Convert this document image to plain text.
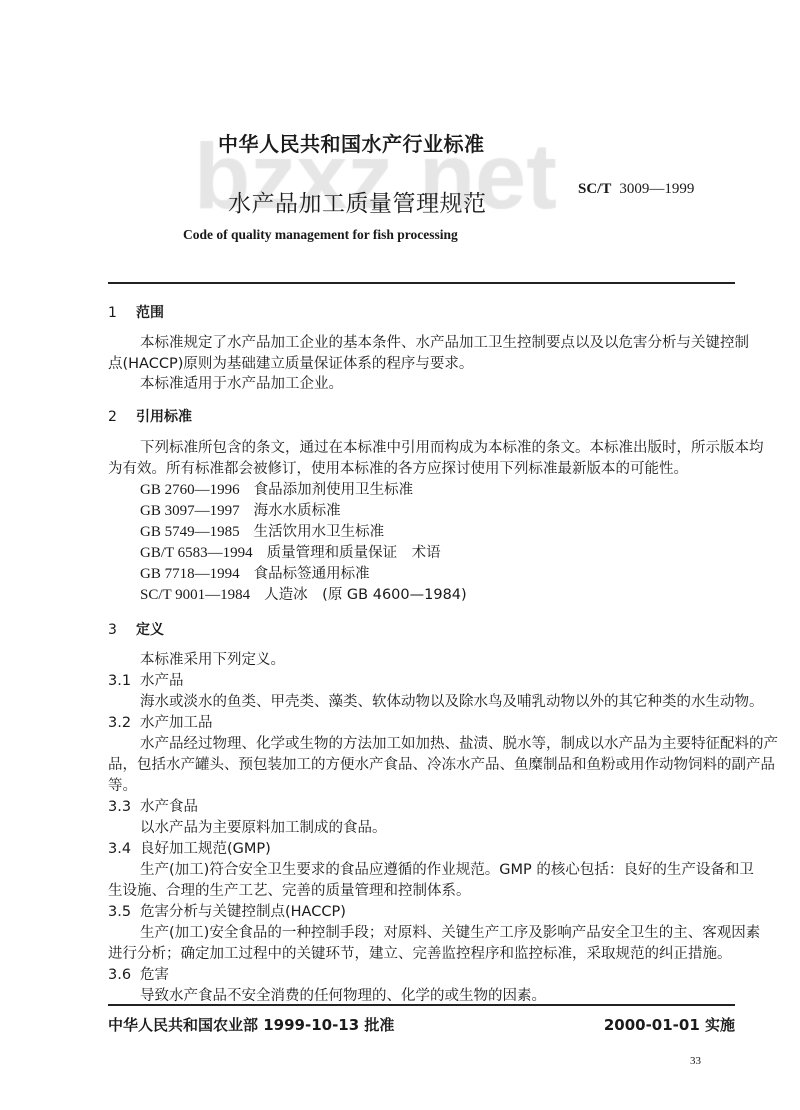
中华人民共和国水产行业标准
水产品加工质量管理规范
SC/T 3009—1999
Code of quality management for fish processing
1 范围
本标准规定了水产品加工企业的基本条件、水产品加工卫生控制要点以及以危害分析与关键控制
点(HACCP)原则为基础建立质量保证体系的程序与要求。
本标准适用于水产品加工企业。
2 引用标准
下列标准所包含的条文，通过在本标准中引用而构成为本标准的条文。本标准出版时，所示版本均
为有效。所有标准都会被修订，使用本标准的各方应探讨使用下列标准最新版本的可能性。
GB 2760—1996 食品添加剂使用卫生标准
GB 3097—1997 海水水质标准
GB 5749—1985 生活饮用水卫生标准
GB/T 6583—1994 质量管理和质量保证　术语
GB 7718—1994 食品标签通用标准
SC/T 9001—1984 人造冰　(原 GB 4600—1984)
3 定义
本标准采用下列定义。
3.1 水产品
海水或淡水的鱼类、甲壳类、藻类、软体动物以及除水鸟及哺乳动物以外的其它种类的水生动物。
3.2 水产加工品
水产品经过物理、化学或生物的方法加工如加热、盐渍、脱水等，制成以水产品为主要特征配料的产
品，包括水产罐头、预包装加工的方便水产食品、冷冻水产品、鱼糜制品和鱼粉或用作动物饲料的副产品
等。
3.3 水产食品
以水产品为主要原料加工制成的食品。
3.4 良好加工规范(GMP)
生产(加工)符合安全卫生要求的食品应遵循的作业规范。GMP 的核心包括：良好的生产设备和卫
生设施、合理的生产工艺、完善的质量管理和控制体系。
3.5 危害分析与关键控制点(HACCP)
生产(加工)安全食品的一种控制手段；对原料、关键生产工序及影响产品安全卫生的主、客观因素
进行分析；确定加工过程中的关键环节，建立、完善监控程序和监控标准，采取规范的纠正措施。
3.6 危害
导致水产食品不安全消费的任何物理的、化学的或生物的因素。
中华人民共和国农业部 1999-10-13 批准	2000-01-01 实施
33
